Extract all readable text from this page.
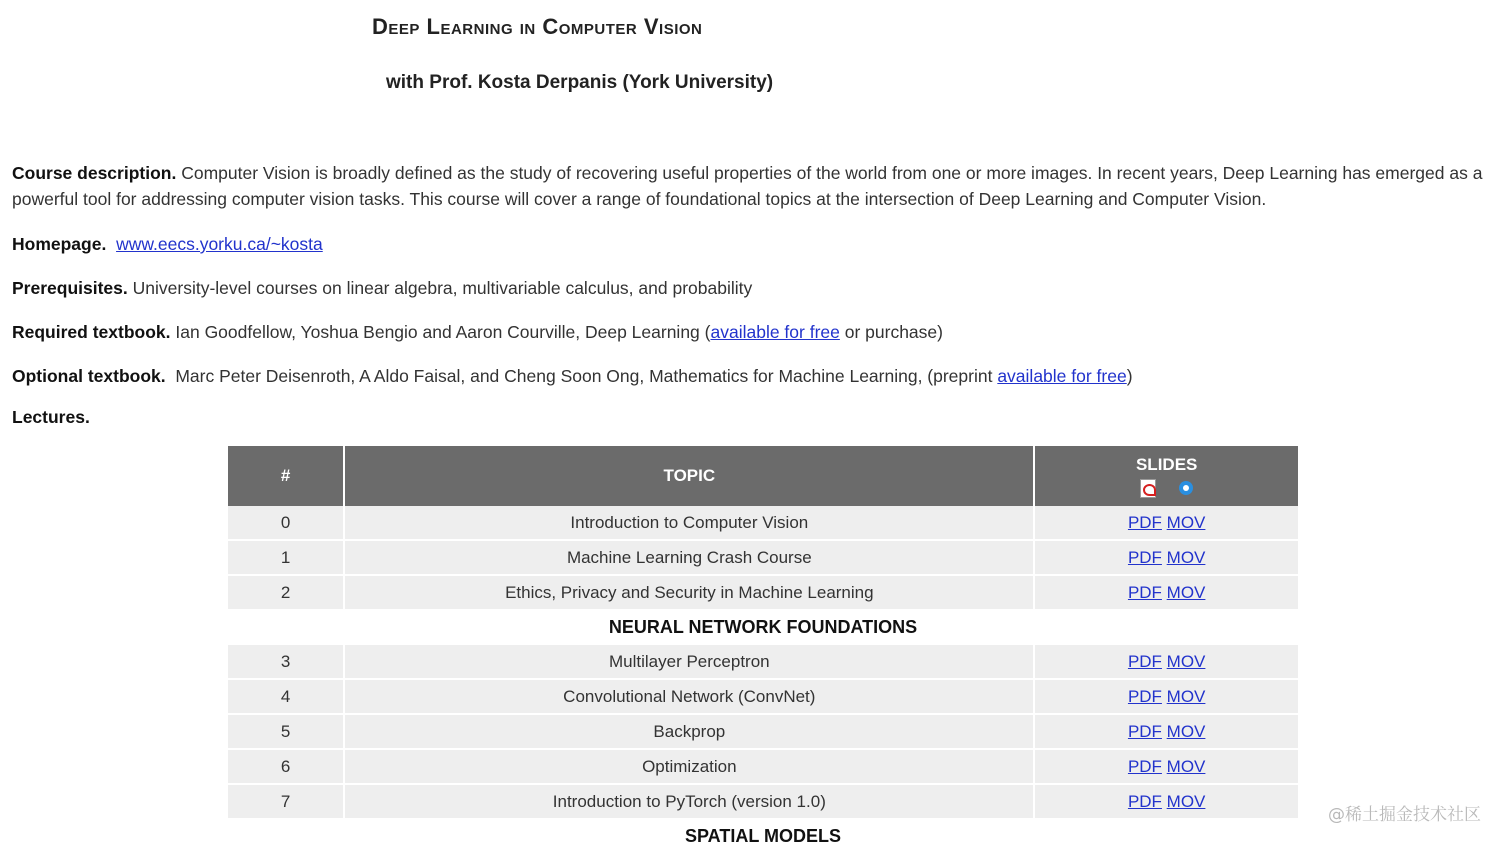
Deep Learning in Computer Vision
with Prof. Kosta Derpanis (York University)
Course description. Computer Vision is broadly defined as the study of recovering useful properties of the world from one or more images. In recent years, Deep Learning has emerged as a powerful tool for addressing computer vision tasks. This course will cover a range of foundational topics at the intersection of Deep Learning and Computer Vision.
Homepage. www.eecs.yorku.ca/~kosta
Prerequisites. University-level courses on linear algebra, multivariable calculus, and probability
Required textbook. Ian Goodfellow, Yoshua Bengio and Aaron Courville, Deep Learning (available for free or purchase)
Optional textbook. Marc Peter Deisenroth, A Aldo Faisal, and Cheng Soon Ong, Mathematics for Machine Learning, (preprint available for free)
Lectures.
#	TOPIC	SLIDES

0	Introduction to Computer Vision	PDF MOV
1	Machine Learning Crash Course	PDF MOV
2	Ethics, Privacy and Security in Machine Learning	PDF MOV
NEURAL NETWORK FOUNDATIONS		
3	Multilayer Perceptron	PDF MOV
4	Convolutional Network (ConvNet)	PDF MOV
5	Backprop	PDF MOV
6	Optimization	PDF MOV
7	Introduction to PyTorch (version 1.0)	PDF MOV
SPATIAL MODELS		
@稀土掘金技术社区
